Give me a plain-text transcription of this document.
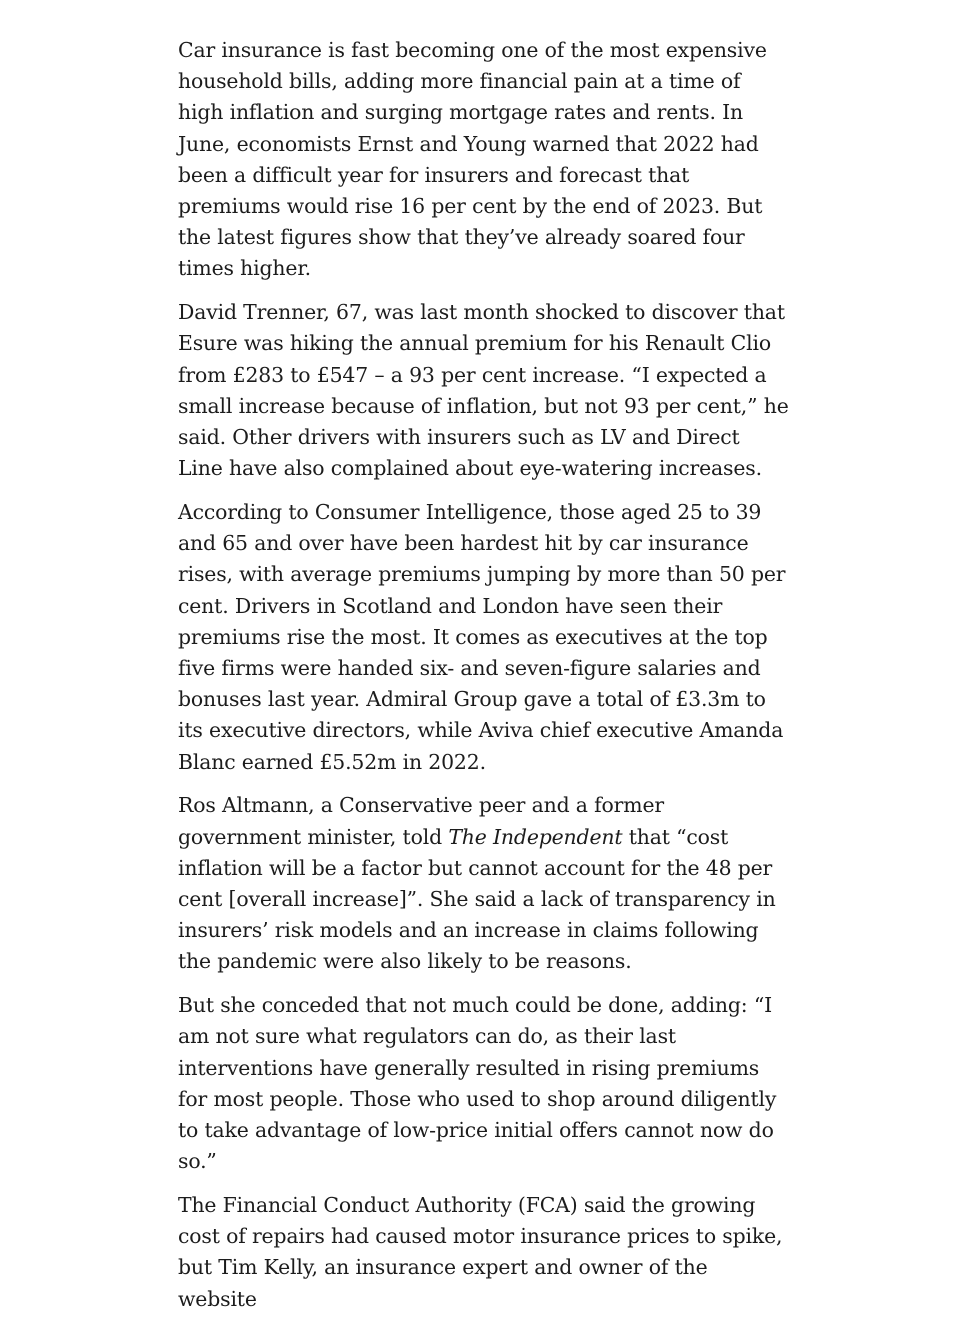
Car insurance is fast becoming one of the most expensive household bills, adding more financial pain at a time of high inflation and surging mortgage rates and rents. In June, economists Ernst and Young warned that 2022 had been a difficult year for insurers and forecast that premiums would rise 16 per cent by the end of 2023. But the latest figures show that they’ve already soared four times higher.

David Trenner, 67, was last month shocked to discover that Esure was hiking the annual premium for his Renault Clio from £283 to £547 – a 93 per cent increase. “I expected a small increase because of inflation, but not 93 per cent,” he said. Other drivers with insurers such as LV and Direct Line have also complained about eye-watering increases.

According to Consumer Intelligence, those aged 25 to 39 and 65 and over have been hardest hit by car insurance rises, with average premiums jumping by more than 50 per cent. Drivers in Scotland and London have seen their premiums rise the most. It comes as executives at the top five firms were handed six- and seven-figure salaries and bonuses last year. Admiral Group gave a total of £3.3m to its executive directors, while Aviva chief executive Amanda Blanc earned £5.52m in 2022.

Ros Altmann, a Conservative peer and a former government minister, told The Independent that “cost inflation will be a factor but cannot account for the 48 per cent [overall increase]”. She said a lack of transparency in insurers’ risk models and an increase in claims following the pandemic were also likely to be reasons.

But she conceded that not much could be done, adding: “I am not sure what regulators can do, as their last interventions have generally resulted in rising premiums for most people. Those who used to shop around diligently to take advantage of low-price initial offers cannot now do so.”

The Financial Conduct Authority (FCA) said the growing cost of repairs had caused motor insurance prices to spike, but Tim Kelly, an insurance expert and owner of the website
